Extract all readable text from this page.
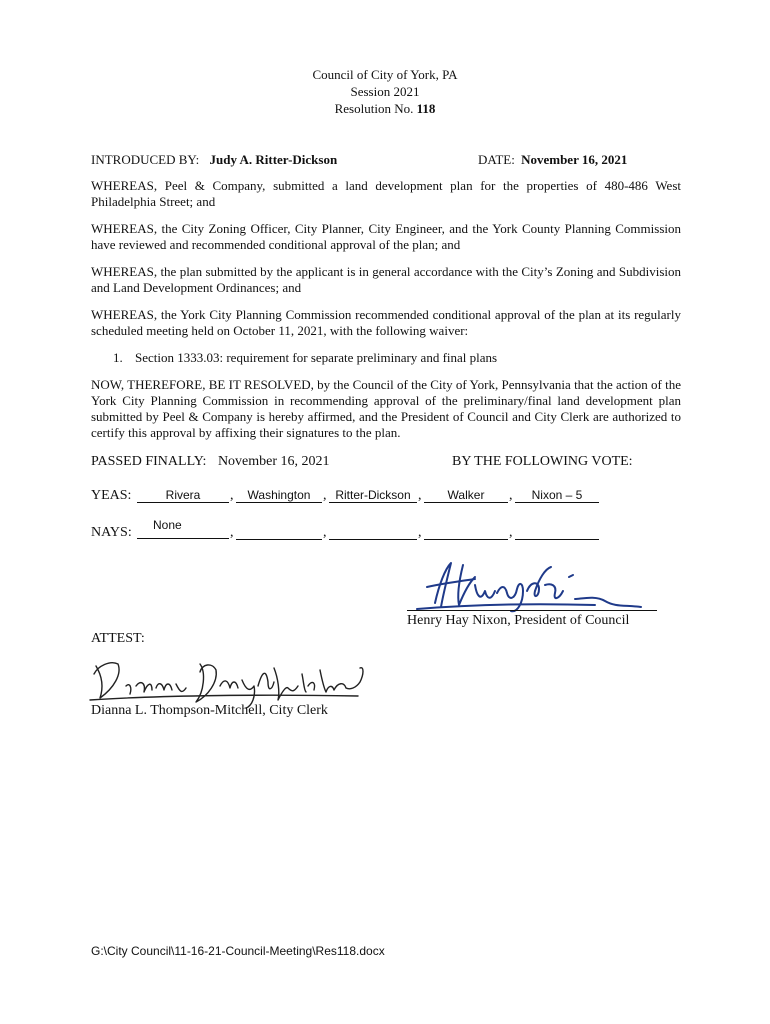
Council of City of York, PA
Session 2021
Resolution No. 118
INTRODUCED BY: Judy A. Ritter-Dickson	DATE: November 16, 2021
WHEREAS, Peel & Company, submitted a land development plan for the properties of 480-486 West Philadelphia Street; and
WHEREAS, the City Zoning Officer, City Planner, City Engineer, and the York County Planning Commission have reviewed and recommended conditional approval of the plan; and
WHEREAS, the plan submitted by the applicant is in general accordance with the City’s Zoning and Subdivision and Land Development Ordinances; and
WHEREAS, the York City Planning Commission recommended conditional approval of the plan at its regularly scheduled meeting held on October 11, 2021, with the following waiver:
1. Section 1333.03: requirement for separate preliminary and final plans
NOW, THEREFORE, BE IT RESOLVED, by the Council of the City of York, Pennsylvania that the action of the York City Planning Commission in recommending approval of the preliminary/final land development plan submitted by Peel & Company is hereby affirmed, and the President of Council and City Clerk are authorized to certify this approval by affixing their signatures to the plan.
PASSED FINALLY: November 16, 2021	BY THE FOLLOWING VOTE:
YEAS:	Rivera	,	Washington , Ritter-Dickson ,	Walker	,	Nixon – 5
NAYS:	None	,	,	,	,
Henry Hay Nixon, President of Council
ATTEST:
Dianna L. Thompson-Mitchell, City Clerk
G:\City Council\11-16-21-Council-Meeting\Res118.docx
